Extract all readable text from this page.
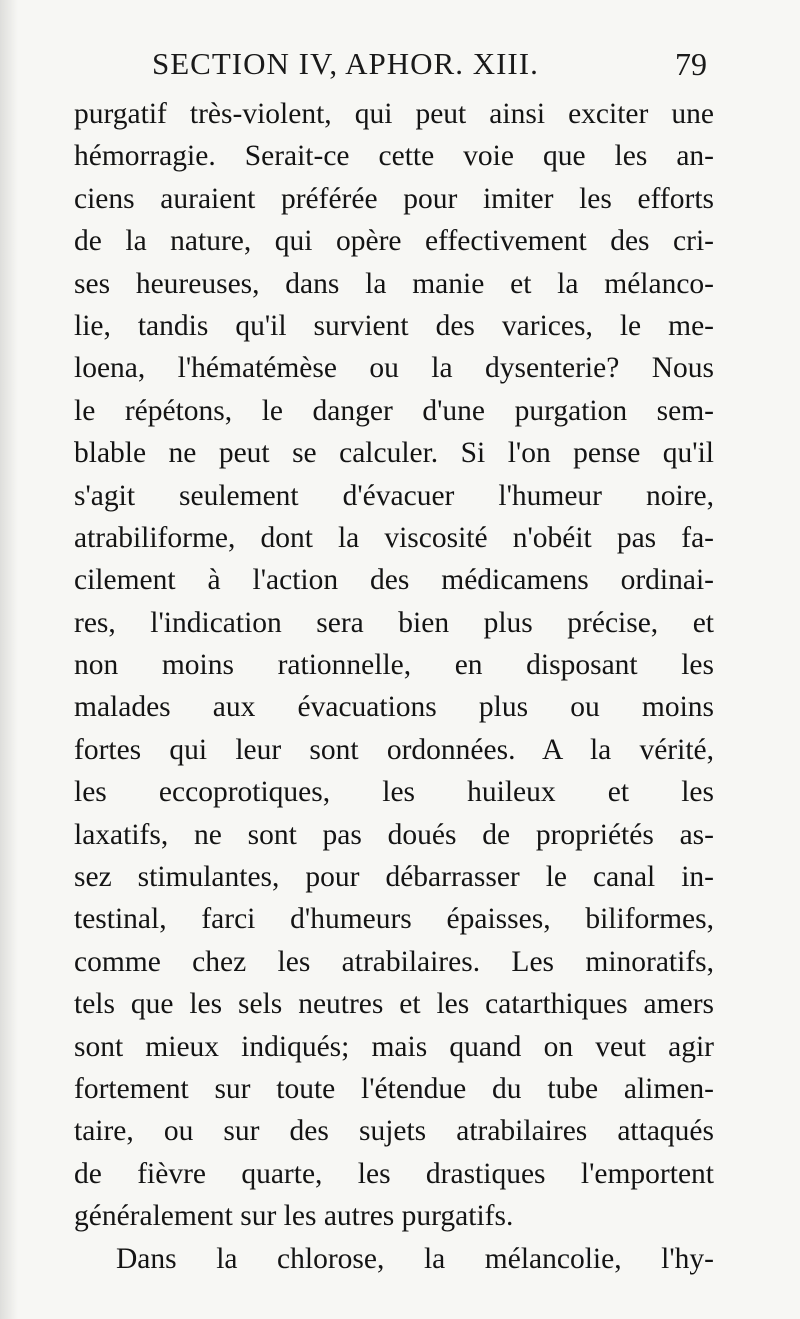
SECTION IV, APHOR. XIII.	79
purgatif très-violent, qui peut ainsi exciter une
hémorragie. Serait-ce cette voie que les an-
ciens auraient préférée pour imiter les efforts
de la nature, qui opère effectivement des cri-
ses heureuses, dans la manie et la mélanco-
lie, tandis qu'il survient des varices, le me-
loena, l'hématémèse ou la dysenterie? Nous
le répétons, le danger d'une purgation sem-
blable ne peut se calculer. Si l'on pense qu'il
s'agit seulement d'évacuer l'humeur noire,
atrabiliforme, dont la viscosité n'obéit pas fa-
cilement à l'action des médicamens ordinai-
res, l'indication sera bien plus précise, et
non moins rationnelle, en disposant les
malades aux évacuations plus ou moins
fortes qui leur sont ordonnées. A la vérité,
les eccoprotiques, les huileux et les
laxatifs, ne sont pas doués de propriétés as-
sez stimulantes, pour débarrasser le canal in-
testinal, farci d'humeurs épaisses, biliformes,
comme chez les atrabilaires. Les minoratifs,
tels que les sels neutres et les catarthiques amers
sont mieux indiqués; mais quand on veut agir
fortement sur toute l'étendue du tube alimen-
taire, ou sur des sujets atrabilaires attaqués
de fièvre quarte, les drastiques l'emportent
généralement sur les autres purgatifs.
Dans la chlorose, la mélancolie, l'hy-
